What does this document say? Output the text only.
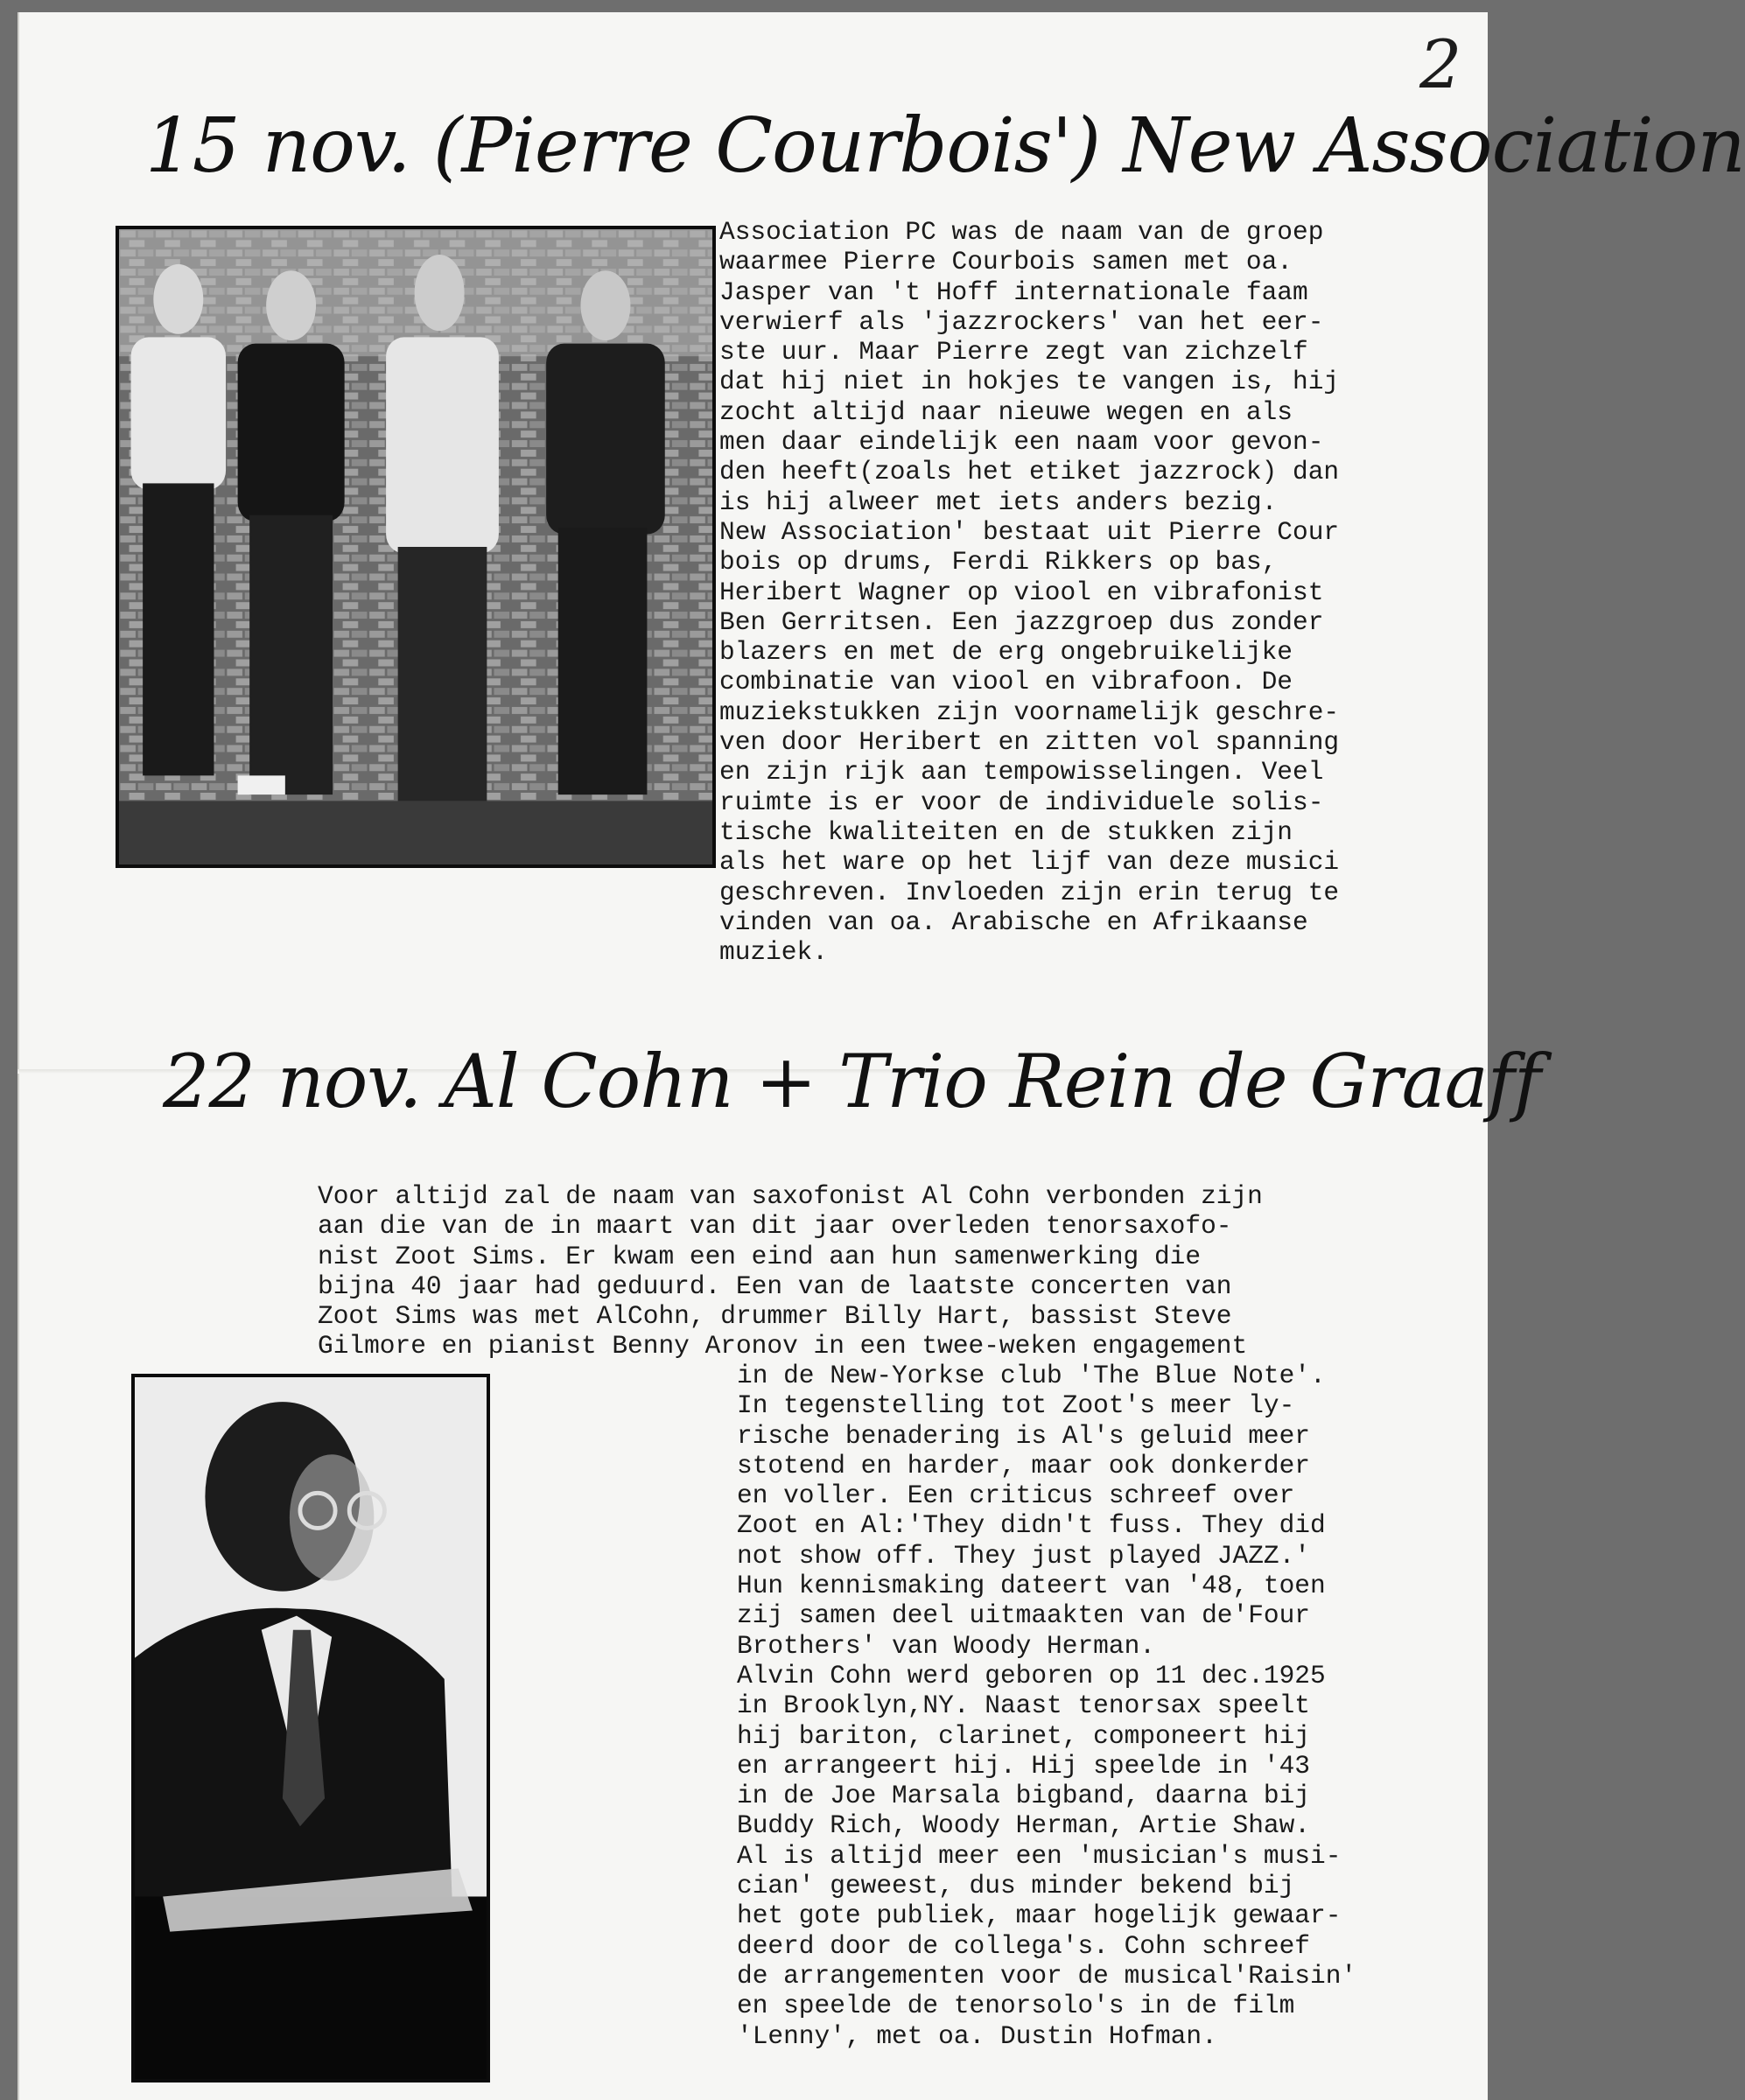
2
15 nov. (Pierre Courbois') New Association
Association PC was de naam van de groep
waarmee Pierre Courbois samen met oa.
Jasper van 't Hoff internationale faam
verwierf als 'jazzrockers' van het eer-
ste uur. Maar Pierre zegt van zichzelf
dat hij niet in hokjes te vangen is, hij
zocht altijd naar nieuwe wegen en als
men daar eindelijk een naam voor gevon-
den heeft(zoals het etiket jazzrock) dan
is hij alweer met iets anders bezig.
New Association' bestaat uit Pierre Cour
bois op drums, Ferdi Rikkers op bas,
Heribert Wagner op viool en vibrafonist
Ben Gerritsen. Een jazzgroep dus zonder
blazers en met de erg ongebruikelijke
combinatie van viool en vibrafoon. De
muziekstukken zijn voornamelijk geschre-
ven door Heribert en zitten vol spanning
en zijn rijk aan tempowisselingen. Veel
ruimte is er voor de individuele solis-
tische kwaliteiten en de stukken zijn
als het ware op het lijf van deze musici
geschreven. Invloeden zijn erin terug te
vinden van oa. Arabische en Afrikaanse
muziek.
22 nov. Al Cohn + Trio Rein de Graaff
Voor altijd zal de naam van saxofonist Al Cohn verbonden zijn
aan die van de in maart van dit jaar overleden tenorsaxofo-
nist Zoot Sims. Er kwam een eind aan hun samenwerking die
bijna 40 jaar had geduurd. Een van de laatste concerten van
Zoot Sims was met AlCohn, drummer Billy Hart, bassist Steve
Gilmore en pianist Benny Aronov in een twee-weken engagement
in de New-Yorkse club 'The Blue Note'.
In tegenstelling tot Zoot's meer ly-
rische benadering is Al's geluid meer
stotend en harder, maar ook donkerder
en voller. Een criticus schreef over
Zoot en Al:'They didn't fuss. They did
not show off. They just played JAZZ.'
Hun kennismaking dateert van '48, toen
zij samen deel uitmaakten van de'Four
Brothers' van Woody Herman.
Alvin Cohn werd geboren op 11 dec.1925
in Brooklyn,NY. Naast tenorsax speelt
hij bariton, clarinet, componeert hij
en arrangeert hij. Hij speelde in '43
in de Joe Marsala bigband, daarna bij
Buddy Rich, Woody Herman, Artie Shaw.
Al is altijd meer een 'musician's musi-
cian' geweest, dus minder bekend bij
het gote publiek, maar hogelijk gewaar-
deerd door de collega's. Cohn schreef
de arrangementen voor de musical'Raisin'
en speelde de tenorsolo's in de film
'Lenny', met oa. Dustin Hofman.
